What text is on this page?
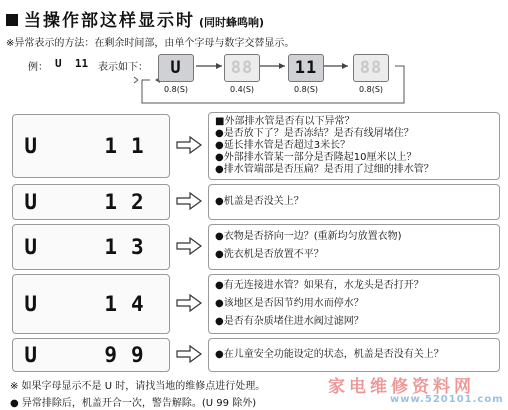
当操作部这样显示时 (同时蜂鸣响)
※异常表示的方法：在剩余时间部，由单个字母与数字交替显示。
例： U  11 表示如下： U
0.8(S)
88
0.4(S)
11
0.8(S)
88
0.8(S)
U  11
■外部排水管是否有以下异常？
●是否放下了？是否冻结？是否有线屑堵住？
●延长排水管是否超过3米长？
●外部排水管某一部分是否隆起10厘米以上？
●排水管端部是否压扁？是否用了过细的排水管？
U  12	●机盖是否没关上？
U  13	●衣物是否挤向一边？(重新均匀放置衣物)
●洗衣机是否放置不平？
U  14
●有无连接进水管？如果有，水龙头是否打开？
●该地区是否因节约用水而停水？
●是否有杂质堵住进水阀过滤网？
U  99	●在儿童安全功能设定的状态，机盖是否没有关上？
※ 如果字母显示不是 U 时，请找当地的维修点进行处理。
● 异常排除后，机盖开合一次，警告解除。(U 99 除外)
家电维修资料网
www.520101.com
